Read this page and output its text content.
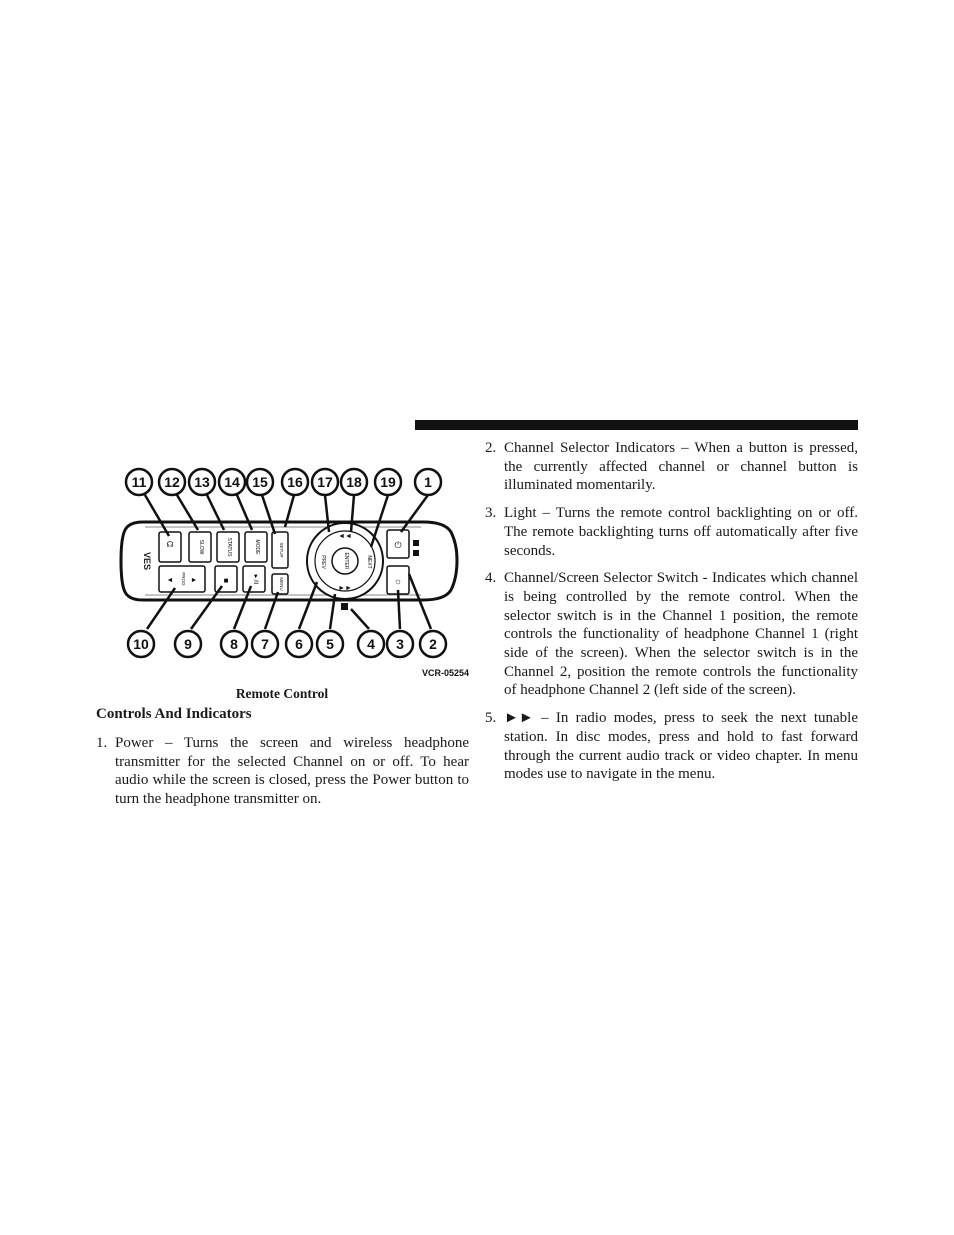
VES
☊	SLOW	STATUS	MODE	SETUP
◄ ►
PROG	■	►/II	MENU
ENTER
◄◄
►►
PREV	NEXT
⏻
☼
11 12 13 14 15 16 17 18 19 1
10	9	8 7 6 5 4 3 2
VCR-05254
Remote Control
Controls And Indicators
1. Power – Turns the screen and wireless headphone transmitter for the selected Channel on or off. To hear audio while the screen is closed, press the Power button to turn the headphone transmitter on.
2. Channel Selector Indicators – When a button is pressed, the currently affected channel or channel button is illuminated momentarily.
3. Light – Turns the remote control backlighting on or off. The remote backlighting turns off automatically after five seconds.
4. Channel/Screen Selector Switch - Indicates which channel is being controlled by the remote control. When the selector switch is in the Channel 1 position, the remote controls the functionality of headphone Channel 1 (right side of the screen). When the selector switch is in the Channel 2, position the remote controls the functionality of headphone Channel 2 (left side of the screen).
5. ►► – In radio modes, press to seek the next tunable station. In disc modes, press and hold to fast forward through the current audio track or video chapter. In menu modes use to navigate in the menu.
